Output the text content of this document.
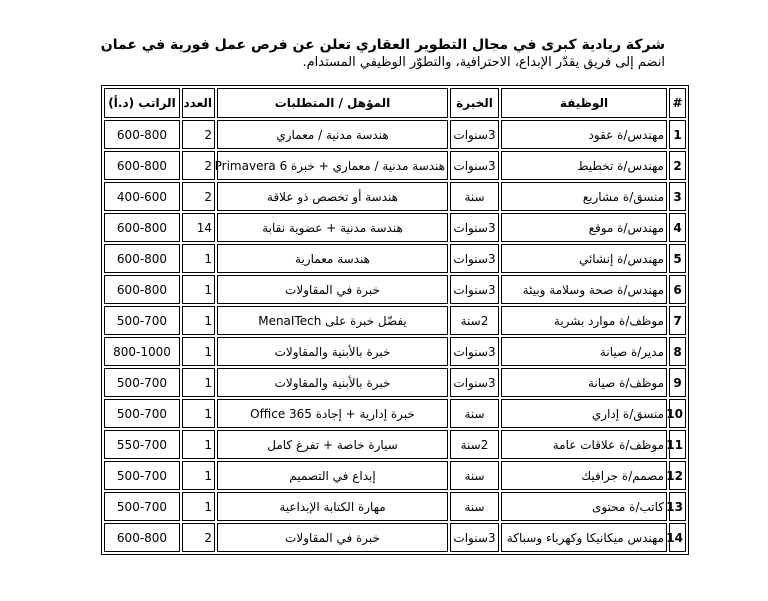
شركة ريادية كبرى في مجال التطوير العقاري تعلن عن فرص عمل فورية في عمان
انضم إلى فريق يقدّر الإبداع، الاحترافية، والتطوّر الوظيفي المستدام.
#	الوظيفة	الخبرة	المؤهل / المتطلبات	العدد	الراتب (د.أ)
1	مهندس/ة عقود	3سنوات	هندسة مدنية / معماري	2	600-800
2	مهندس/ة تخطيط	3سنوات	هندسة مدنية / معماري + خبرة Primavera 6	2	600-800
3	منسق/ة مشاريع	سنة	هندسة أو تخصص ذو علاقة	2	400-600
4	مهندس/ة موقع	3سنوات	هندسة مدنية + عضوية نقابة	14	600-800
5	مهندس/ة إنشائي	3سنوات	هندسة معمارية	1	600-800
6	مهندس/ة صحة وسلامة وبيئة	3سنوات	خبرة في المقاولات	1	600-800
7	موظف/ة موارد بشرية	2سنة	يفضّل خبرة على MenaITech	1	500-700
8	مدير/ة صيانة	3سنوات	خبرة بالأبنية والمقاولات	1	800-1000
9	موظف/ة صيانة	3سنوات	خبرة بالأبنية والمقاولات	1	500-700
10	منسق/ة إداري	سنة	خبرة إدارية + إجادة Office 365	1	500-700
11	موظف/ة علاقات عامة	2سنة	سيارة خاصة + تفرغ كامل	1	550-700
12	مصمم/ة جرافيك	سنة	إبداع في التصميم	1	500-700
13	كاتب/ة محتوى	سنة	مهارة الكتابة الإبداعية	1	500-700
14	مهندس ميكانيكا وكهرباء وسباكة	3سنوات	خبرة في المقاولات	2	600-800
